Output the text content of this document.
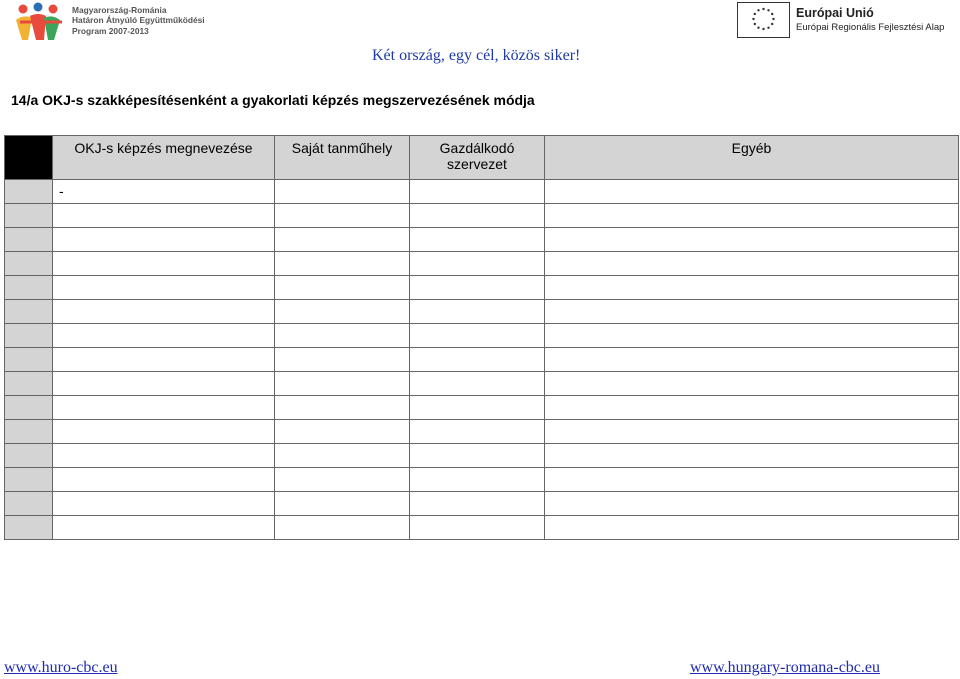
Magyarország-Románia
Határon Átnyúló Együttműködési
Program 2007-2013
Európai Unió
Európai Regionális Fejlesztési Alap
Két ország, egy cél, közös siker!
14/a OKJ-s szakképesítésenként a gyakorlati képzés megszervezésének módja
	OKJ-s képzés megnevezése	Saját tanműhely	Gazdálkodó szervezet	Egyéb
	-			

www.huro-cbc.eu	www.hungary-romana-cbc.eu
